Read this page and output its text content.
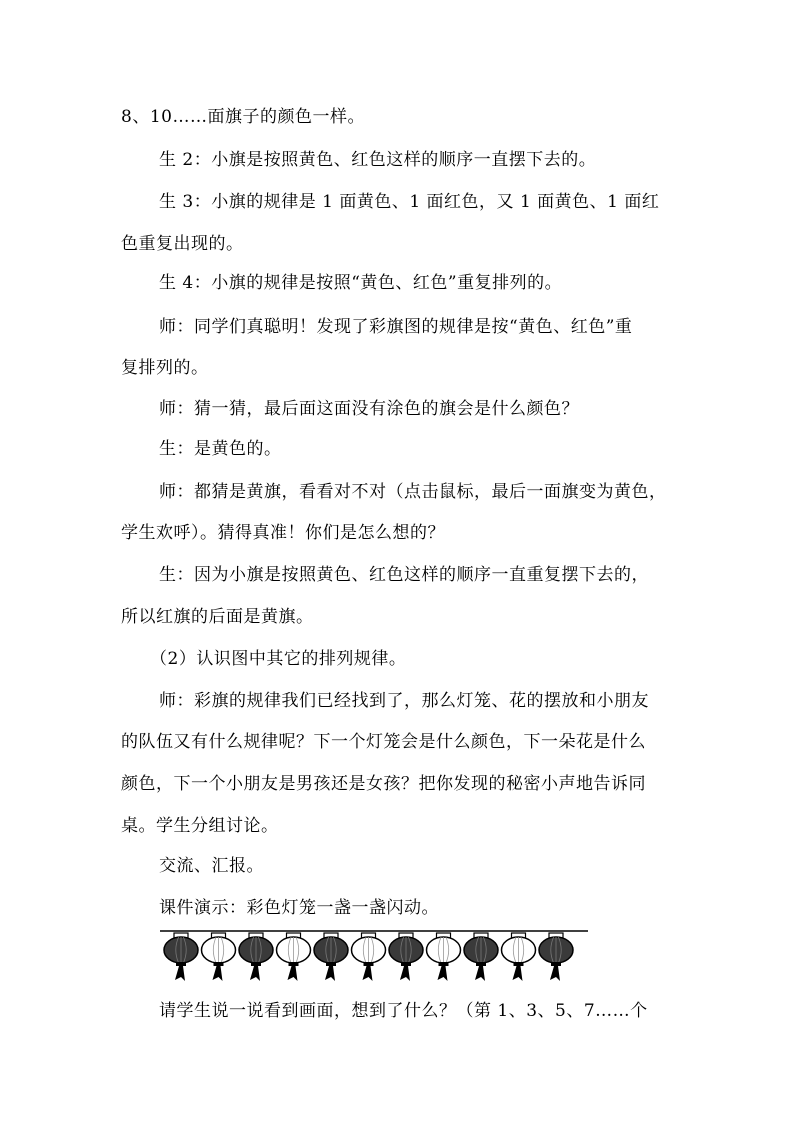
8、10……面旗子的颜色一样。
生 2：小旗是按照黄色、红色这样的顺序一直摆下去的。
生 3：小旗的规律是 1 面黄色、1 面红色，又 1 面黄色、1 面红
色重复出现的。
生 4：小旗的规律是按照“黄色、红色”重复排列的。
师：同学们真聪明！发现了彩旗图的规律是按“黄色、红色”重
复排列的。
师：猜一猜，最后面这面没有涂色的旗会是什么颜色？
生：是黄色的。
师：都猜是黄旗，看看对不对（点击鼠标，最后一面旗变为黄色，
学生欢呼）。猜得真准！你们是怎么想的？
生：因为小旗是按照黄色、红色这样的顺序一直重复摆下去的，
所以红旗的后面是黄旗。
（2）认识图中其它的排列规律。
师：彩旗的规律我们已经找到了，那么灯笼、花的摆放和小朋友
的队伍又有什么规律呢？下一个灯笼会是什么颜色，下一朵花是什么
颜色，下一个小朋友是男孩还是女孩？把你发现的秘密小声地告诉同
桌。学生分组讨论。
交流、汇报。
课件演示：彩色灯笼一盏一盏闪动。
请学生说一说看到画面，想到了什么？（第 1、3、5、7……个
